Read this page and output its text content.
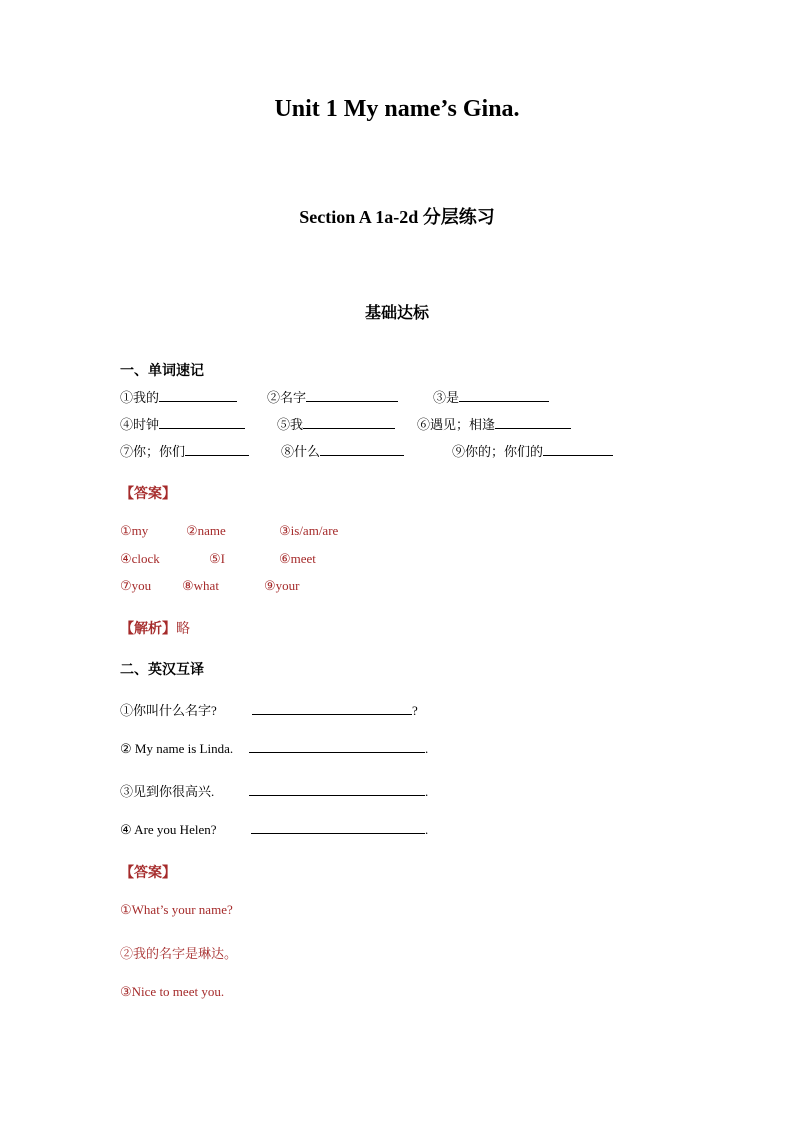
Unit 1 My name’s Gina.
Section A 1a-2d 分层练习
基础达标
一、单词速记
①我的	②名字	③是
④时钟	⑤我	⑥遇见；相逢
⑦你；你们	⑧什么	⑨你的；你们的
【答案】
①my	②name	③is/am/are
④clock	⑤I	⑥meet
⑦you ⑧what	⑨your
【解析】略
二、英汉互译
①你叫什么名字?	?
② My name is Linda.	.
③见到你很高兴.	.
④ Are you Helen?	.
【答案】
①What’s your name?
②我的名字是琳达。
③Nice to meet you.
